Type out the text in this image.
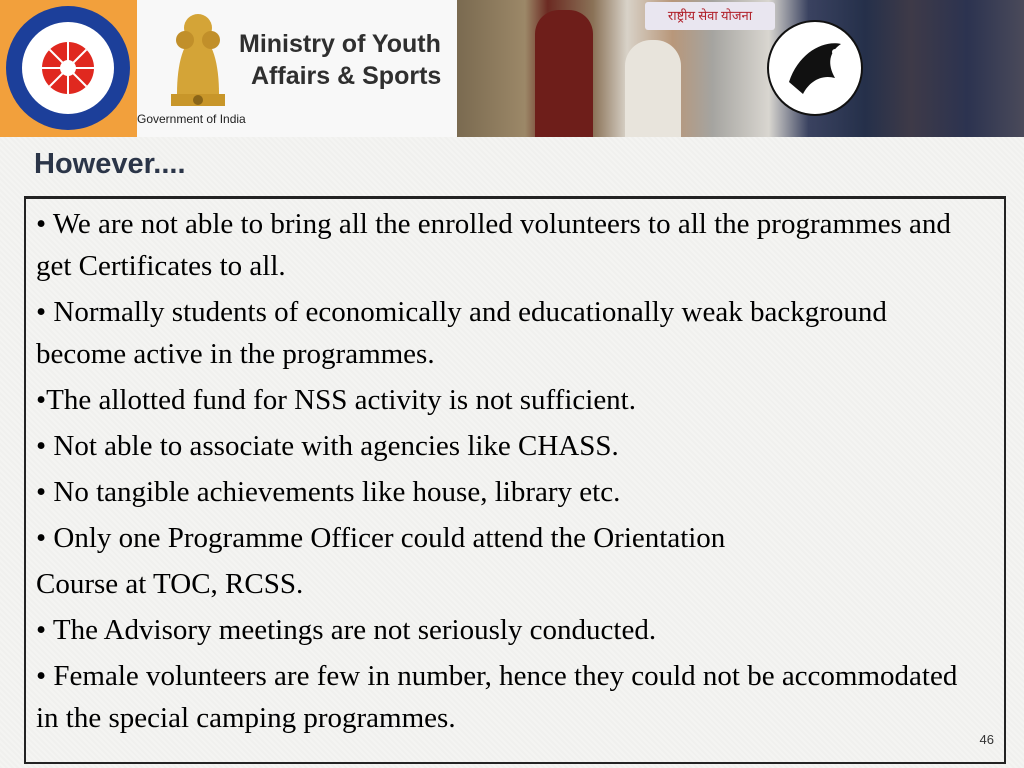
Ministry of Youth
Affairs & Sports
Government of India
राष्ट्रीय सेवा योजना
However....

• We are not able to bring all the enrolled volunteers to all the programmes and get Certificates to all.

• Normally students of economically and educationally weak background become active in the programmes.

•The allotted fund for NSS activity is not sufficient.

• Not able to associate with agencies like CHASS.

• No tangible achievements like house, library etc.

• Only one Programme Officer could attend the Orientation

Course at TOC, RCSS.

• The Advisory meetings are not seriously conducted.

• Female volunteers are few in number, hence they could not be accommodated in the special camping programmes.

46
